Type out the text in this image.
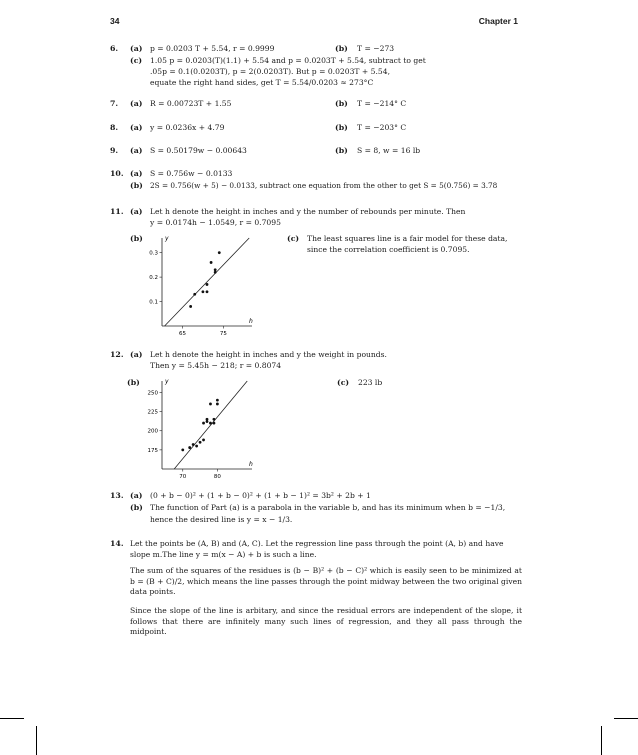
34	Chapter 1
6. (a) p = 0.0203 T + 5.54, r = 0.9999	(b) T = −273
(c) 1.05 p = 0.0203(T)(1.1) + 5.54 and p = 0.0203T + 5.54, subtract to get
.05p = 0.1(0.0203T), p = 2(0.0203T). But p = 0.0203T + 5.54,
equate the right hand sides, get T = 5.54/0.0203 ≈ 273°C
7. (a) R = 0.00723T + 1.55	(b) T = −214° C
8. (a) y = 0.0236x + 4.79	(b) T = −203° C
9. (a) S = 0.50179w − 0.00643	(b) S = 8, w = 16 lb
10. (a) S = 0.756w − 0.0133
(b) 2S = 0.756(w + 5) − 0.0133, subtract one equation from the other to get S = 5(0.756) = 3.78
11. (a) Let h denote the height in inches and y the number of rebounds per minute. Then
y = 0.0174h − 1.0549, r = 0.7095
(b)	(c) The least squares line is a fair model for these data,
since the correlation coefficient is 0.7095.
h
y
65	75
0.1
0.2
0.3
12. (a) Let h denote the height in inches and y the weight in pounds.
Then y = 5.45h − 218; r = 0.8074
(b)	(c) 223 lb
h
y
70	80
175
200
225
250
13. (a) (0 + b − 0)² + (1 + b − 0)² + (1 + b − 1)² = 3b² + 2b + 1
(b) The function of Part (a) is a parabola in the variable b, and has its minimum when b = −1/3,
hence the desired line is y = x − 1/3.
14. Let the points be (A, B) and (A, C). Let the regression line pass through the point (A, b) and have
slope m.The line y = m(x − A) + b is such a line.
The sum of the squares of the residues is (b − B)² + (b − C)² which is easily seen to be minimized at b = (B + C)/2, which means the line passes through the point midway between the two original given data points.
Since the slope of the line is arbitary, and since the residual errors are independent of the slope, it follows that there are infinitely many such lines of regression, and they all pass through the midpoint.
